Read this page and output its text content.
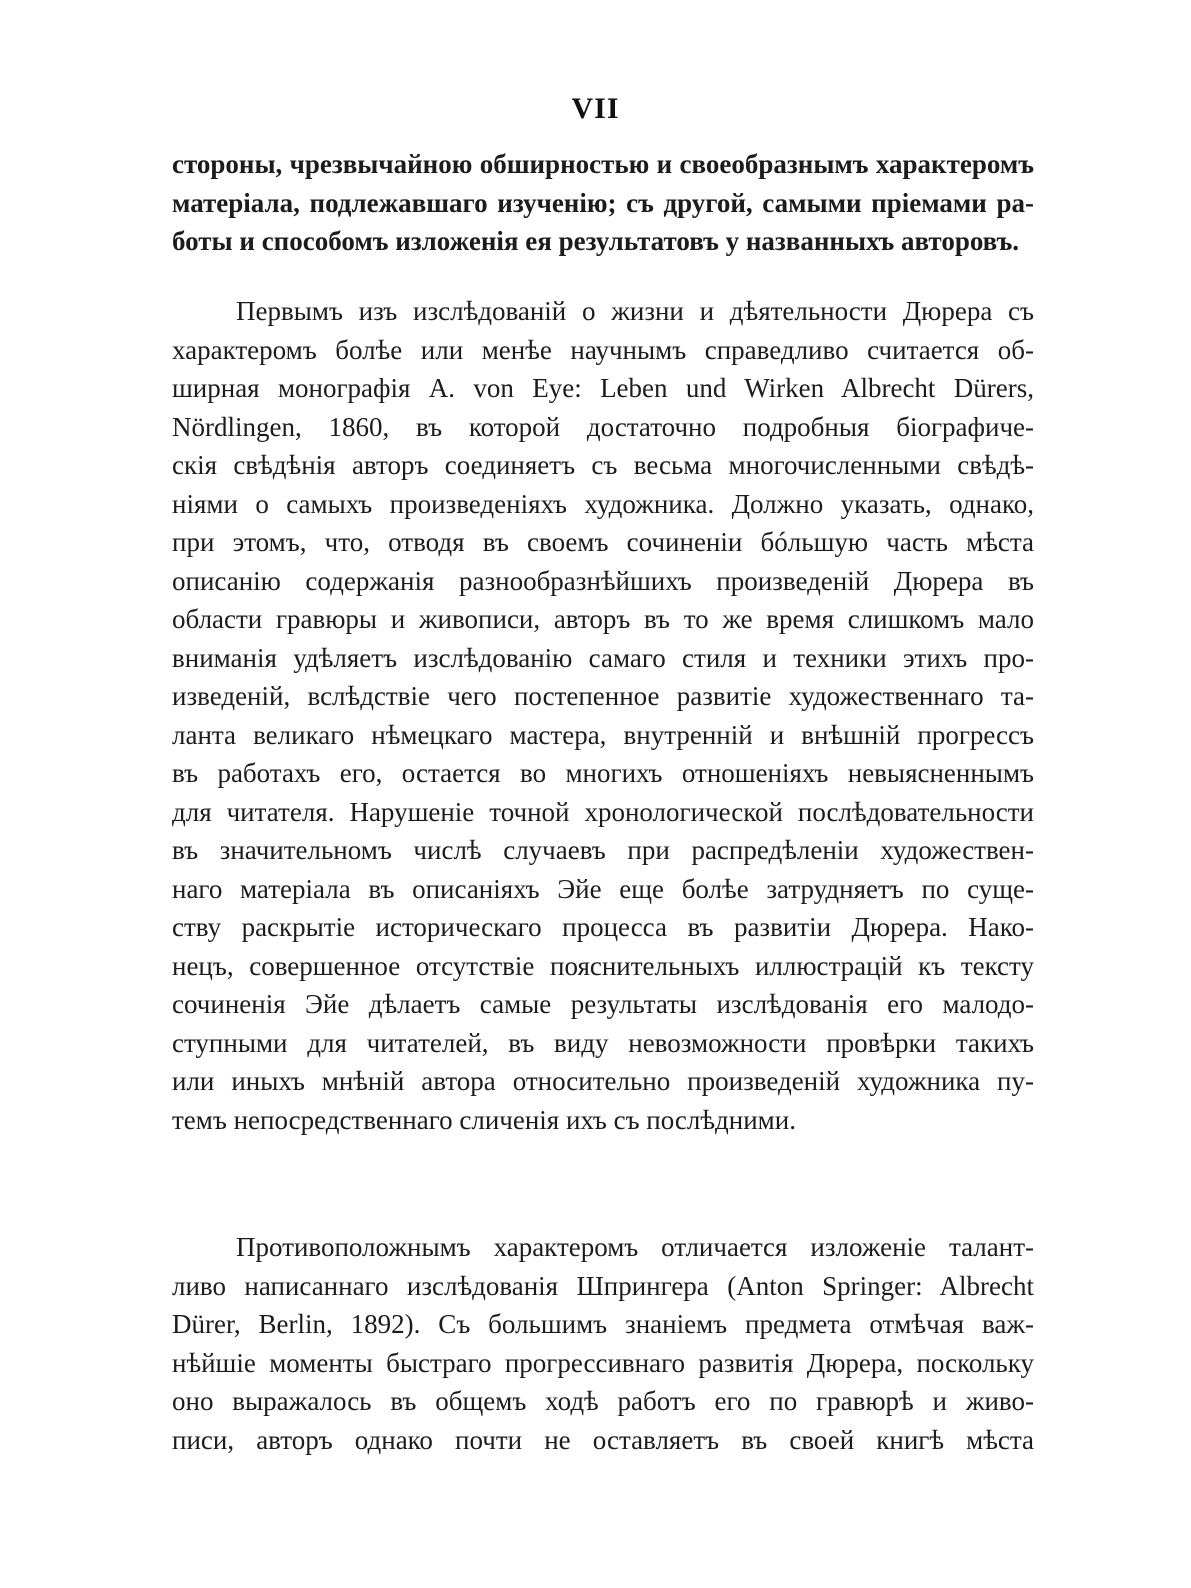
VII
стороны, чрезвычайною обширностью и своеобразнымъ характеромъ
матеріала, подлежавшаго изученію; съ другой, самыми пріемами ра-
боты и способомъ изложенія ея результатовъ у названныхъ авторовъ.
Первымъ изъ изслѣдованій о жизни и дѣятельности Дюрера съ
характеромъ болѣе или менѣе научнымъ справедливо считается об-
ширная монографія A. von Eye: Leben und Wirken Albrecht Dürers,
Nördlingen, 1860, въ которой достаточно подробныя біографиче-
скія свѣдѣнія авторъ соединяетъ съ весьма многочисленными свѣдѣ-
ніями о самыхъ произведеніяхъ художника. Должно указать, однако,
при этомъ, что, отводя въ своемъ сочиненіи бóльшую часть мѣста
описанію содержанія разнообразнѣйшихъ произведеній Дюрера въ
области гравюры и живописи, авторъ въ то же время слишкомъ мало
вниманія удѣляетъ изслѣдованію самаго стиля и техники этихъ про-
изведеній, вслѣдствіе чего постепенное развитіе художественнаго та-
ланта великаго нѣмецкаго мастера, внутренній и внѣшній прогрессъ
въ работахъ его, остается во многихъ отношеніяхъ невыясненнымъ
для читателя. Нарушеніе точной хронологической послѣдовательности
въ значительномъ числѣ случаевъ при распредѣленіи художествен-
наго матеріала въ описаніяхъ Эйе еще болѣе затрудняетъ по суще-
ству раскрытіе историческаго процесса въ развитіи Дюрера. Нако-
нецъ, совершенное отсутствіе пояснительныхъ иллюстрацій къ тексту
сочиненія Эйе дѣлаетъ самые результаты изслѣдованія его малодо-
ступными для читателей, въ виду невозможности провѣрки такихъ
или иныхъ мнѣній автора относительно произведеній художника пу-
темъ непосредственнаго сличенія ихъ съ послѣдними.
Противоположнымъ характеромъ отличается изложеніе талант-
ливо написаннаго изслѣдованія Шпрингера (Anton Springer: Albrecht
Dürer, Berlin, 1892). Съ большимъ знаніемъ предмета отмѣчая важ-
нѣйшіе моменты быстраго прогрессивнаго развитія Дюрера, поскольку
оно выражалось въ общемъ ходѣ работъ его по гравюрѣ и живо-
писи, авторъ однако почти не оставляетъ въ своей книгѣ мѣста
